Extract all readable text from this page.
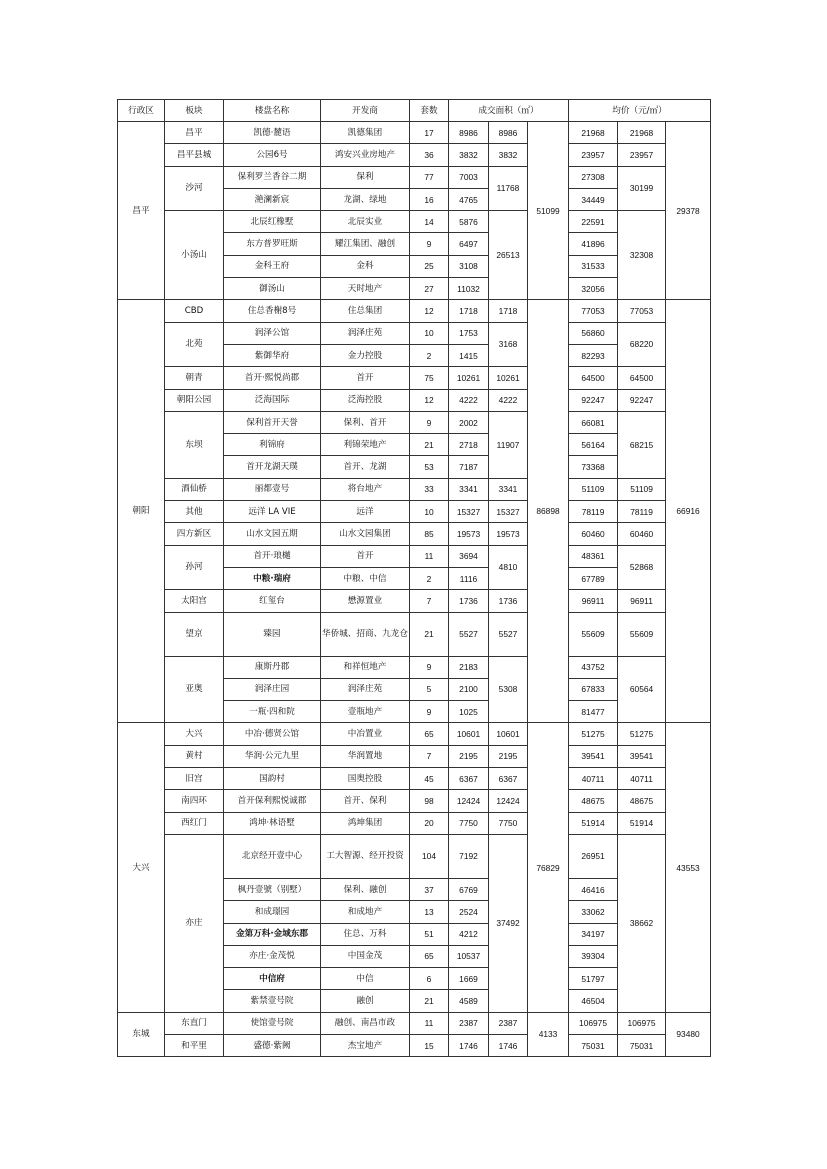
行政区	板块	楼盘名称	开发商	套数	成交面积（㎡）			均价（元/㎡）		
昌平	昌平	凯德·麓语	凯德集团	17	8986	8986	51099	21968	21968	29378
	昌平县城	公园6号	鸿安兴业房地产	36	3832	3832		23957	23957	
	沙河	保利罗兰香谷二期	保利	77	7003	11768		27308	30199	
		滟澜新宸	龙湖、绿地	16	4765			34449		
	小汤山	北辰红橡墅	北辰实业	14	5876	26513		22591	32308	
		东方普罗旺斯	耀江集团、融创	9	6497			41896		
		金科王府	金科	25	3108			31533		
		御汤山	天时地产	27	11032			32056		
朝阳	CBD	住总香榭8号	住总集团	12	1718	1718	86898	77053	77053	66916
	北苑	润泽公馆	润泽庄苑	10	1753	3168		56860	68220	
		紫御华府	金力控股	2	1415			82293		
	朝青	首开·熙悦尚郡	首开	75	10261	10261		64500	64500	
	朝阳公园	泛海国际	泛海控股	12	4222	4222		92247	92247	
	东坝	保利首开天誉	保利、首开	9	2002	11907		66081	68215	
		利锦府	利锦荣地产	21	2718			56164		
		首开龙湖天璞	首开、龙湖	53	7187			73368		
	酒仙桥	丽都壹号	将台地产	33	3341	3341		51109	51109	
	其他	远洋 LA VIE	远洋	10	15327	15327		78119	78119	
	四方新区	山水文园五期	山水文园集团	85	19573	19573		60460	60460	
	孙河	首开·琅樾	首开	11	3694	4810		48361	52868	
		中粮·瑞府	中粮、中信	2	1116			67789		
	太阳宫	红玺台	懋源置业	7	1736	1736		96911	96911	
	望京	臻园	华侨城、招商、九龙仓	21	5527	5527		55609	55609	
	亚奥	康斯丹郡	和祥恒地产	9	2183	5308		43752	60564	
		润泽庄园	润泽庄苑	5	2100			67833		
		一瓶·四和院	壹瓶地产	9	1025			81477		
大兴	大兴	中冶·德贤公馆	中冶置业	65	10601	10601	76829	51275	51275	43553
	黄村	华润·公元九里	华润置地	7	2195	2195		39541	39541	
	旧宫	国韵村	国奥控股	45	6367	6367		40711	40711	
	南四环	首开保利熙悦诚郡	首开、保利	98	12424	12424		48675	48675	
	西红门	鸿坤·林语墅	鸿坤集团	20	7750	7750		51914	51914	
	亦庄	北京经开壹中心	工大智源、经开投资	104	7192	37492		26951	38662	
		枫丹壹號（别墅）	保利、融创	37	6769			46416		
		和成璟园	和成地产	13	2524			33062		
		金第万科·金域东郡	住总、万科	51	4212			34197		
		亦庄·金茂悦	中国金茂	65	10537			39304		
		中信府	中信	6	1669			51797		
		紫禁壹号院	融创	21	4589			46504		
东城	东直门	使馆壹号院	融创、南昌市政	11	2387	2387	4133	106975	106975	93480
	和平里	盛德·紫阙	杰宝地产	15	1746	1746		75031	75031	
